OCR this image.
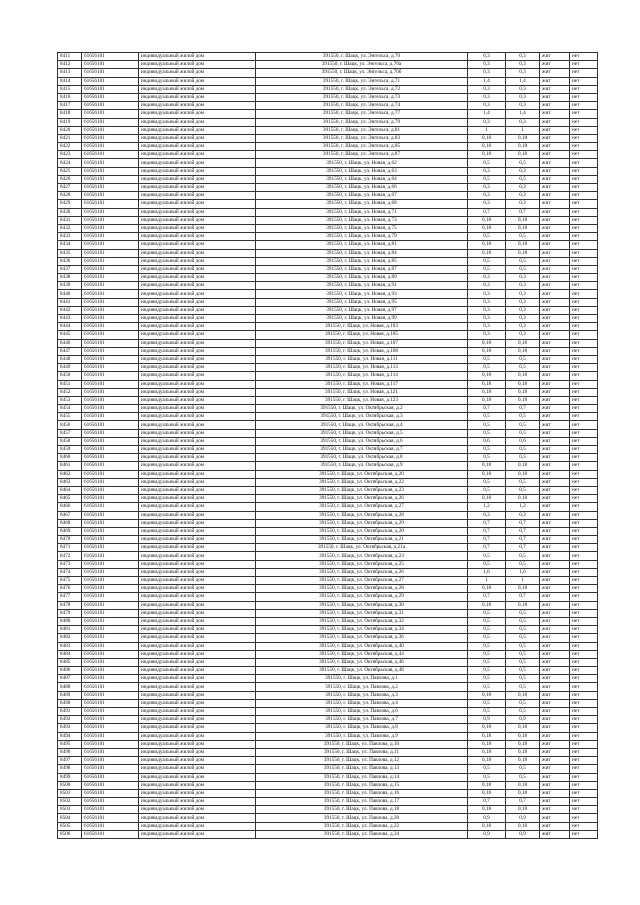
8411	61656101	индивидуальный жилой дом	391550, г. Шацк, ул. Энгельса, д.70	0,3	0,3	жит	нет
8412	61656101	индивидуальный жилой дом	391550, г. Шацк, ул. Энгельса, д.70а	0,3	0,3	жит	нет
8413	61656101	индивидуальный жилой дом	391550, г. Шацк, ул. Энгельса, д.70б	0,3	0,3	жит	нет
8414	61656101	индивидуальный жилой дом	391550, г. Шацк, ул. Энгельса, д.71	1,4	1,4	жит	нет
8415	61656101	индивидуальный жилой дом	391550, г. Шацк, ул. Энгельса, д.72	0,3	0,3	жит	нет
8416	61656101	индивидуальный жилой дом	391550, г. Шацк, ул. Энгельса, д.73	0,3	0,3	жит	нет
8417	61656101	индивидуальный жилой дом	391550, г. Шацк, ул. Энгельса, д.74	0,3	0,3	жит	нет
8418	61656101	индивидуальный жилой дом	391550, г. Шацк, ул. Энгельса, д.77	1,4	1,4	жит	нет
8419	61656101	индивидуальный жилой дом	391550, г. Шацк, ул. Энгельса, д.79	0,3	0,3	жит	нет
8420	61656101	индивидуальный жилой дом	391550, г. Шацк, ул. Энгельса, д.81	1	1	жит	нет
8421	61656101	индивидуальный жилой дом	391550, г. Шацк, ул. Энгельса, д.83	0,18	0,18	жит	нет
8422	61656101	индивидуальный жилой дом	391550, г. Шацк, ул. Энгельса, д.85	0,18	0,18	жит	нет
8423	61656101	индивидуальный жилой дом	391550, г. Шацк, ул. Энгельса, д.87	0,18	0,18	жит	нет
8424	61656101	индивидуальный жилой дом	391550, г. Шацк, ул. Новая, д.62	0,5	0,5	жит	нет
8425	61656101	индивидуальный жилой дом	391550, г. Шацк, ул. Новая, д.63	0,3	0,3	жит	нет
8426	61656101	индивидуальный жилой дом	391550, г. Шацк, ул. Новая, д.64	0,5	0,5	жит	нет
8427	61656101	индивидуальный жилой дом	391550, г. Шацк, ул. Новая, д.66	0,3	0,3	жит	нет
8428	61656101	индивидуальный жилой дом	391550, г. Шацк, ул. Новая, д.67	0,3	0,3	жит	нет
8429	61656101	индивидуальный жилой дом	391550, г. Шацк, ул. Новая, д.68	0,3	0,3	жит	нет
8430	61656101	индивидуальный жилой дом	391550, г. Шацк, ул. Новая, д.71	0,7	0,7	жит	нет
8431	61656101	индивидуальный жилой дом	391550, г. Шацк, ул. Новая, д.73	0,18	0,18	жит	нет
8432	61656101	индивидуальный жилой дом	391550, г. Шацк, ул. Новая, д.75	0,18	0,18	жит	нет
8433	61656101	индивидуальный жилой дом	391550, г. Шацк, ул. Новая, д.79	0,5	0,5	жит	нет
8434	61656101	индивидуальный жилой дом	391550, г. Шацк, ул. Новая, д.81	0,18	0,18	жит	нет
8435	61656101	индивидуальный жилой дом	391550, г. Шацк, ул. Новая, д.84	0,18	0,18	жит	нет
8436	61656101	индивидуальный жилой дом	391550, г. Шацк, ул. Новая, д.85	0,5	0,5	жит	нет
8437	61656101	индивидуальный жилой дом	391550, г. Шацк, ул. Новая, д.87	0,5	0,5	жит	нет
8438	61656101	индивидуальный жилой дом	391550, г. Шацк, ул. Новая, д.89	0,3	0,3	жит	нет
8439	61656101	индивидуальный жилой дом	391550, г. Шацк, ул. Новая, д.91	0,3	0,3	жит	нет
8440	61656101	индивидуальный жилой дом	391550, г. Шацк, ул. Новая, д.93	0,3	0,3	жит	нет
8441	61656101	индивидуальный жилой дом	391550, г. Шацк, ул. Новая, д.95	0,3	0,3	жит	нет
8442	61656101	индивидуальный жилой дом	391550, г. Шацк, ул. Новая, д.97	0,3	0,3	жит	нет
8443	61656101	индивидуальный жилой дом	391550, г. Шацк, ул. Новая, д.99	0,3	0,3	жит	нет
8444	61656101	индивидуальный жилой дом	391550, г. Шацк, ул. Новая, д.103	0,3	0,3	жит	нет
8445	61656101	индивидуальный жилой дом	391550, г. Шацк, ул. Новая, д.105	0,3	0,3	жит	нет
8446	61656101	индивидуальный жилой дом	391550, г. Шацк, ул. Новая, д.107	0,18	0,18	жит	нет
8447	61656101	индивидуальный жилой дом	391550, г. Шацк, ул. Новая, д.108	0,18	0,18	жит	нет
8448	61656101	индивидуальный жилой дом	391550, г. Шацк, ул. Новая, д.111	0,5	0,5	жит	нет
8449	61656101	индивидуальный жилой дом	391550, г. Шацк, ул. Новая, д.113	0,5	0,5	жит	нет
8450	61656101	индивидуальный жилой дом	391550, г. Шацк, ул. Новая, д.114	0,18	0,18	жит	нет
8451	61656101	индивидуальный жилой дом	391550, г. Шацк, ул. Новая, д.117	0,18	0,18	жит	нет
8452	61656101	индивидуальный жилой дом	391550, г. Шацк, ул. Новая, д.121	0,18	0,18	жит	нет
8453	61656101	индивидуальный жилой дом	391550, г. Шацк, ул. Новая, д.123	0,18	0,18	жит	нет
8454	61656101	индивидуальный жилой дом	391550, г. Шацк, ул. Октябрьская, д.2	0,7	0,7	жит	нет
8455	61656101	индивидуальный жилой дом	391550, г. Шацк, ул. Октябрьская, д.3	0,5	0,5	жит	нет
8456	61656101	индивидуальный жилой дом	391550, г. Шацк, ул. Октябрьская, д.4	0,5	0,5	жит	нет
8457	61656101	индивидуальный жилой дом	391550, г. Шацк, ул. Октябрьская, д.5	0,5	0,5	жит	нет
8458	61656101	индивидуальный жилой дом	391550, г. Шацк, ул. Октябрьская, д.6	0,6	0,6	жит	нет
8459	61656101	индивидуальный жилой дом	391550, г. Шацк, ул. Октябрьская, д.7	0,5	0,5	жит	нет
8460	61656101	индивидуальный жилой дом	391550, г. Шацк, ул. Октябрьская, д.8	0,5	0,5	жит	нет
8461	61656101	индивидуальный жилой дом	391550, г. Шацк, ул. Октябрьская, д.9	0,18	0,18	жит	нет
8462	61656101	индивидуальный жилой дом	391550, г. Шацк, ул. Октябрьская, д.20	0,18	0,18	жит	нет
8463	61656101	индивидуальный жилой дом	391550, г. Шацк, ул. Октябрьская, д.22	0,5	0,5	жит	нет
8464	61656101	индивидуальный жилой дом	391550, г. Шацк, ул. Октябрьская, д.23	0,5	0,5	жит	нет
8465	61656101	индивидуальный жилой дом	391550, г. Шацк, ул. Октябрьская, д.26	0,18	0,18	жит	нет
8466	61656101	индивидуальный жилой дом	391550, г. Шацк, ул. Октябрьская, д.27	1,2	1,2	жит	нет
8467	61656101	индивидуальный жилой дом	391550, г. Шацк, ул. Октябрьская, д.28	0,3	0,3	жит	нет
8468	61656101	индивидуальный жилой дом	391550, г. Шацк, ул. Октябрьская, д.29	0,7	0,7	жит	нет
8469	61656101	индивидуальный жилой дом	391550, г. Шацк, ул. Октябрьская, д.20	0,7	0,7	жит	нет
8470	61656101	индивидуальный жилой дом	391550, г. Шацк, ул. Октябрьская, д.21	0,7	0,7	жит	нет
8471	61656101	индивидуальный жилой дом	391550, г. Шацк, ул. Октябрьская, д.21а	0,7	0,7	жит	нет
8472	61656101	индивидуальный жилой дом	391550, г. Шацк, ул. Октябрьская, д.23	0,5	0,5	жит	нет
8473	61656101	индивидуальный жилой дом	391550, г. Шацк, ул. Октябрьская, д.25	0,5	0,5	жит	нет
8474	61656101	индивидуальный жилой дом	391550, г. Шацк, ул. Октябрьская, д.26	1,6	1,6	жит	нет
8475	61656101	индивидуальный жилой дом	391550, г. Шацк, ул. Октябрьская, д.27	1	1	жит	нет
8476	61656101	индивидуальный жилой дом	391550, г. Шацк, ул. Октябрьская, д.28	0,18	0,18	жит	нет
8477	61656101	индивидуальный жилой дом	391550, г. Шацк, ул. Октябрьская, д.29	0,7	0,7	жит	нет
8478	61656101	индивидуальный жилой дом	391550, г. Шацк, ул. Октябрьская, д.30	0,18	0,18	жит	нет
8479	61656101	индивидуальный жилой дом	391550, г. Шацк, ул. Октябрьская, д.31	0,5	0,5	жит	нет
8480	61656101	индивидуальный жилой дом	391550, г. Шацк, ул. Октябрьская, д.32	0,5	0,5	жит	нет
8481	61656101	индивидуальный жилой дом	391550, г. Шацк, ул. Октябрьская, д.34	0,5	0,5	жит	нет
8482	61656101	индивидуальный жилой дом	391550, г. Шацк, ул. Октябрьская, д.36	0,5	0,5	жит	нет
8483	61656101	индивидуальный жилой дом	391550, г. Шацк, ул. Октябрьская, д.40	0,5	0,5	жит	нет
8484	61656101	индивидуальный жилой дом	391550, г. Шацк, ул. Октябрьская, д.44	0,5	0,5	жит	нет
8485	61656101	индивидуальный жилой дом	391550, г. Шацк, ул. Октябрьская, д.46	0,5	0,5	жит	нет
8486	61656101	индивидуальный жилой дом	391550, г. Шацк, ул. Октябрьская, д.48	0,5	0,5	жит	нет
8487	61656101	индивидуальный жилой дом	391550, г. Шацк, ул. Павлова, д.1	0,5	0,5	жит	нет
8488	61656101	индивидуальный жилой дом	391550, г. Шацк, ул. Павлова, д.2	0,5	0,5	жит	нет
8489	61656101	индивидуальный жилой дом	391550, г. Шацк, ул. Павлова, д.3	0,18	0,18	жит	нет
8490	61656101	индивидуальный жилой дом	391550, г. Шацк, ул. Павлова, д.4	0,5	0,5	жит	нет
8491	61656101	индивидуальный жилой дом	391550, г. Шацк, ул. Павлова, д.6	0,5	0,5	жит	нет
8492	61656101	индивидуальный жилой дом	391550, г. Шацк, ул. Павлова, д.7	0,9	0,9	жит	нет
8493	61656101	индивидуальный жилой дом	391550, г. Шацк, ул. Павлова, д.8	0,18	0,18	жит	нет
8494	61656101	индивидуальный жилой дом	391550, г. Шацк, ул. Павлова, д.9	0,18	0,18	жит	нет
8495	61656101	индивидуальный жилой дом	391550, г. Шацк, ул. Павлова, д.10	0,18	0,18	жит	нет
8496	61656101	индивидуальный жилой дом	391550, г. Шацк, ул. Павлова, д.11	0,18	0,18	жит	нет
8497	61656101	индивидуальный жилой дом	391550, г. Шацк, ул. Павлова, д.12	0,18	0,18	жит	нет
8498	61656101	индивидуальный жилой дом	391550, г. Шацк, ул. Павлова, д.13	0,5	0,5	жит	нет
8499	61656101	индивидуальный жилой дом	391550, г. Шацк, ул. Павлова, д.14	0,5	0,5	жит	нет
8500	61656101	индивидуальный жилой дом	391550, г. Шацк, ул. Павлова, д.15	0,18	0,18	жит	нет
8501	61656101	индивидуальный жилой дом	391550, г. Шацк, ул. Павлова, д.16	0,18	0,18	жит	нет
8502	61656101	индивидуальный жилой дом	391550, г. Шацк, ул. Павлова, д.17	0,7	0,7	жит	нет
8503	61656101	индивидуальный жилой дом	391550, г. Шацк, ул. Павлова, д.18	0,18	0,18	жит	нет
8504	61656101	индивидуальный жилой дом	391550, г. Шацк, ул. Павлова, д.20	0,9	0,9	жит	нет
8505	61656101	индивидуальный жилой дом	391550, г. Шацк, ул. Павлова, д.22	0,18	0,18	жит	нет
8506	61656101	индивидуальный жилой дом	391550, г. Шацк, ул. Павлова, д.24	0,9	0,9	жит	нет
